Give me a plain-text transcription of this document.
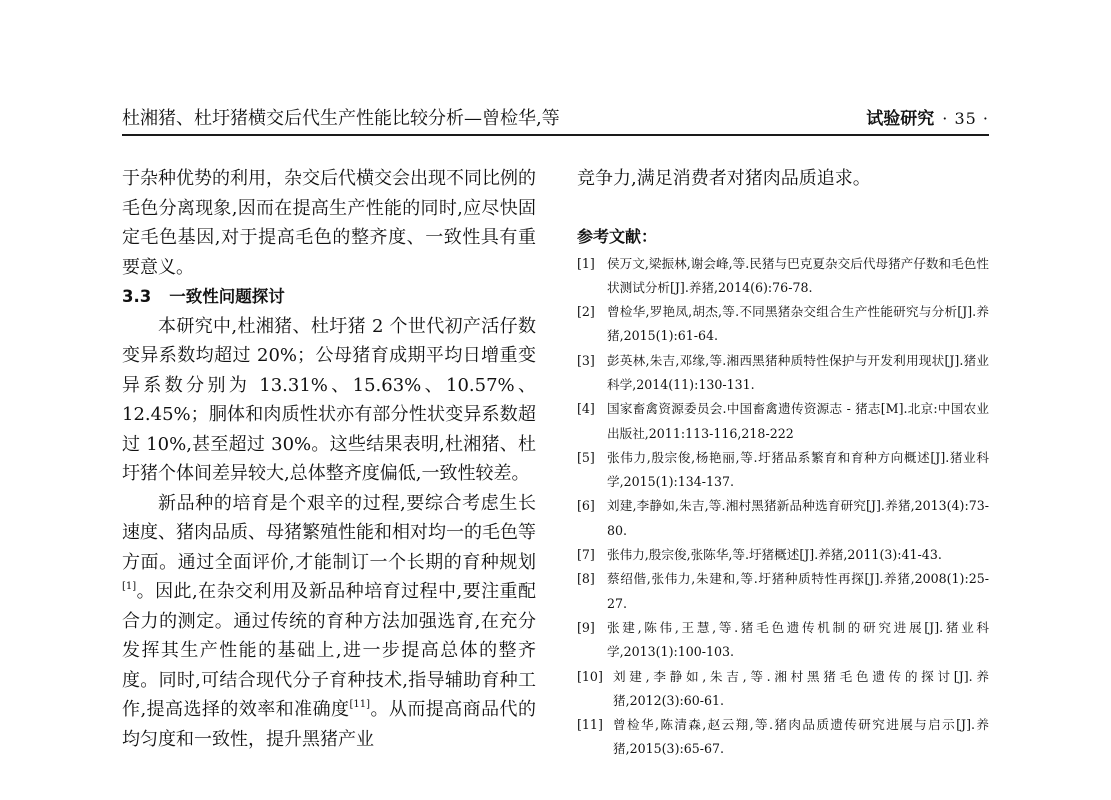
杜湘猪、杜圩猪横交后代生产性能比较分析—曾检华,等	试验研究 · 35 ·

于杂种优势的利用，杂交后代横交会出现不同比例的毛色分离现象,因而在提高生产性能的同时,应尽快固定毛色基因,对于提高毛色的整齐度、一致性具有重要意义。

3.3 一致性问题探讨

本研究中,杜湘猪、杜圩猪 2 个世代初产活仔数变异系数均超过 20%；公母猪育成期平均日增重变异系数分别为 13.31%、15.63%、10.57%、12.45%；胴体和肉质性状亦有部分性状变异系数超过 10%,甚至超过 30%。这些结果表明,杜湘猪、杜圩猪个体间差异较大,总体整齐度偏低,一致性较差。

新品种的培育是个艰辛的过程,要综合考虑生长速度、猪肉品质、母猪繁殖性能和相对均一的毛色等方面。通过全面评价,才能制订一个长期的育种规划[1]。因此,在杂交利用及新品种培育过程中,要注重配合力的测定。通过传统的育种方法加强选育,在充分发挥其生产性能的基础上,进一步提高总体的整齐度。同时,可结合现代分子育种技术,指导辅助育种工作,提高选择的效率和准确度[11]。从而提高商品代的均匀度和一致性，提升黑猪产业

竞争力,满足消费者对猪肉品质追求。

参考文献：
[1] 侯万文,梁振林,谢会峰,等.民猪与巴克夏杂交后代母猪产仔数和毛色性状测试分析[J].养猪,2014(6):76-78.
[2] 曾检华,罗艳凤,胡杰,等.不同黑猪杂交组合生产性能研究与分析[J].养猪,2015(1):61-64.
[3] 彭英林,朱吉,邓缘,等.湘西黑猪种质特性保护与开发利用现状[J].猪业科学,2014(11):130-131.
[4] 国家畜禽资源委员会.中国畜禽遗传资源志 - 猪志[M].北京:中国农业出版社,2011:113-116,218-222
[5] 张伟力,殷宗俊,杨艳丽,等.圩猪品系繁育和育种方向概述[J].猪业科学,2015(1):134-137.
[6] 刘建,李静如,朱吉,等.湘村黑猪新品种选育研究[J].养猪,2013(4):73-80.
[7] 张伟力,殷宗俊,张陈华,等.圩猪概述[J].养猪,2011(3):41-43.
[8] 蔡绍偕,张伟力,朱建和,等.圩猪种质特性再探[J].养猪,2008(1):25-27.
[9] 张建,陈伟,王慧,等.猪毛色遗传机制的研究进展[J].猪业科学,2013(1):100-103.
[10] 刘建,李静如,朱吉,等.湘村黑猪毛色遗传的探讨[J].养猪,2012(3):60-61.
[11] 曾检华,陈清森,赵云翔,等.猪肉品质遗传研究进展与启示[J].养猪,2015(3):65-67.
